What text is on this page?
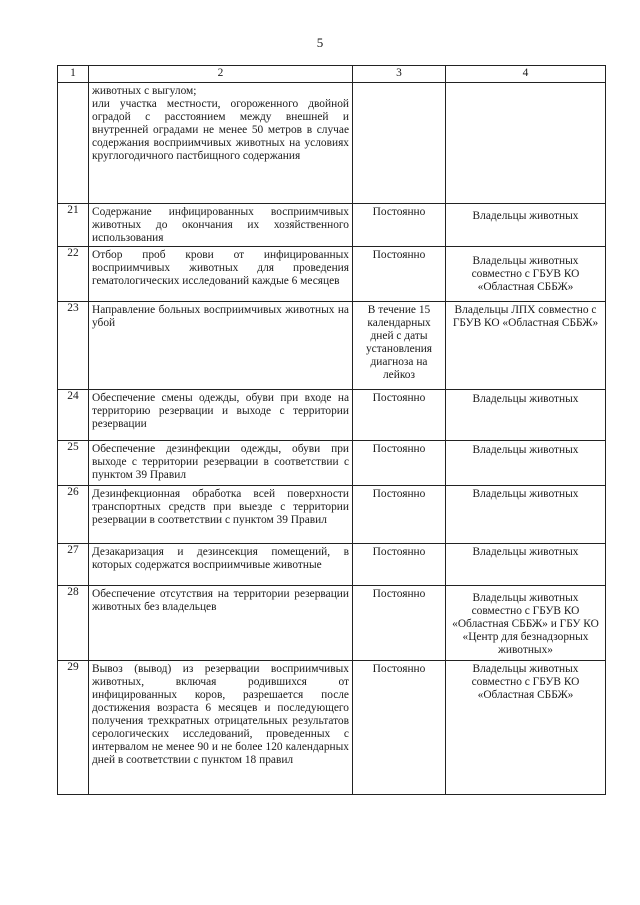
5
1	2	3	4

	животных с выгулом;
или участка местности, огороженного двойной оградой с расстоянием между внешней и внутренней оградами не менее 50 метров в случае содержания восприимчивых животных на условиях круглогодичного пастбищного содержания		

21	Содержание инфицированных восприимчивых животных до окончания их хозяйственного использования	Постоянно	Владельцы животных

22	Отбор проб крови от инфицированных восприимчивых животных для проведения гематологических исследований каждые 6 месяцев	Постоянно	Владельцы животных совместно с ГБУВ КО «Областная СББЖ»

23	Направление больных восприимчивых животных на убой	В течение 15 календарных дней с даты установления диагноза на лейкоз	Владельцы ЛПХ совместно с ГБУВ КО «Областная СББЖ»

24	Обеспечение смены одежды, обуви при входе на территорию резервации и выходе с территории резервации	Постоянно	Владельцы животных

25	Обеспечение дезинфекции одежды, обуви при выходе с территории резервации в соответствии с пунктом 39 Правил	Постоянно	Владельцы животных

26	Дезинфекционная обработка всей поверхности транспортных средств при выезде с территории резервации в соответствии с пунктом 39 Правил	Постоянно	Владельцы животных

27	Дезакаризация и дезинсекция помещений, в которых содержатся восприимчивые животные	Постоянно	Владельцы животных

28	Обеспечение отсутствия на территории резервации животных без владельцев	Постоянно	Владельцы животных совместно с ГБУВ КО «Областная СББЖ» и ГБУ КО «Центр для безнадзорных животных»

29	Вывоз (вывод) из резервации восприимчивых животных, включая родившихся от инфицированных коров, разрешается после достижения возраста 6 месяцев и последующего получения трехкратных отрицательных результатов серологических исследований, проведенных с интервалом не менее 90 и не более 120 календарных дней в соответствии с пунктом 18 правил	Постоянно	Владельцы животных совместно с ГБУВ КО «Областная СББЖ»
